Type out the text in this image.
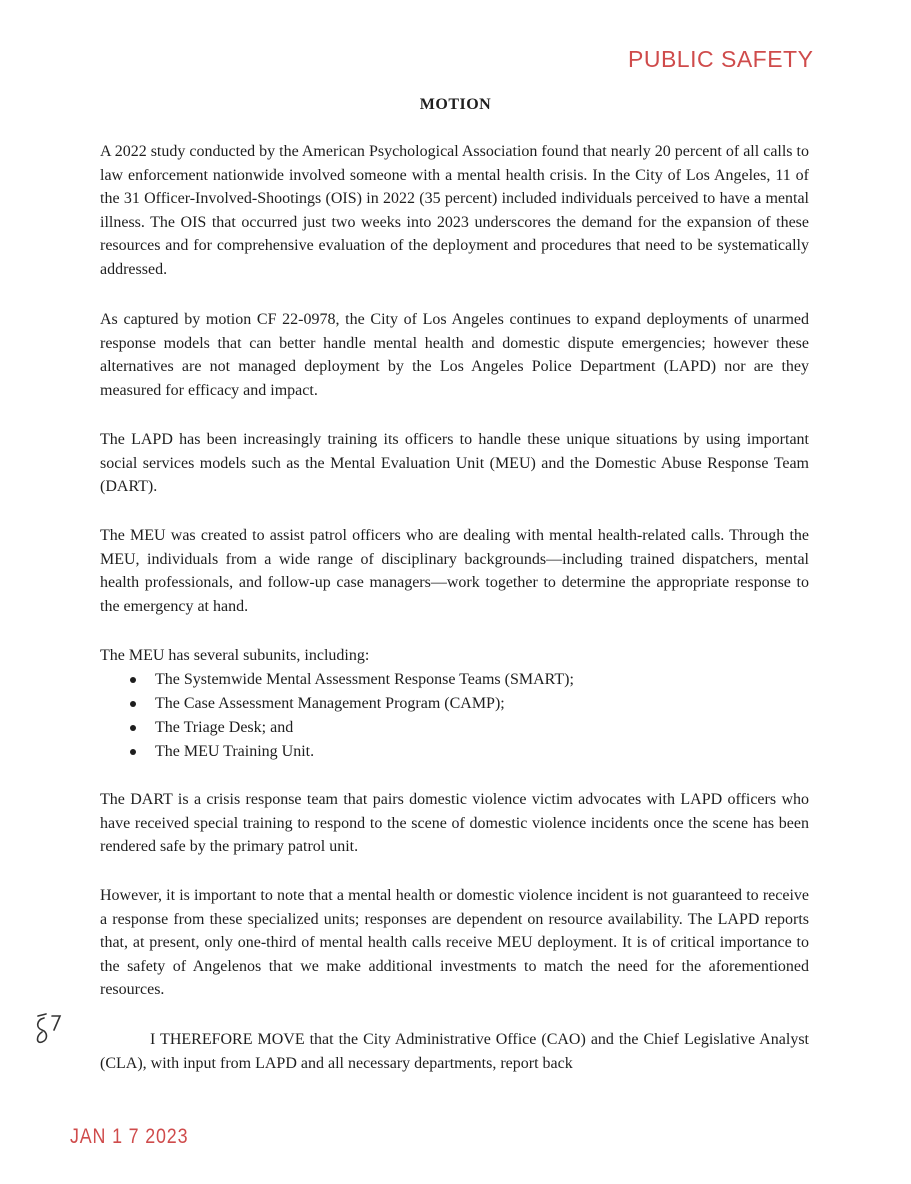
PUBLIC SAFETY
MOTION

A 2022 study conducted by the American Psychological Association found that nearly 20 percent of all calls to law enforcement nationwide involved someone with a mental health crisis. In the City of Los Angeles, 11 of the 31 Officer-Involved-Shootings (OIS) in 2022 (35 percent) included individuals perceived to have a mental illness. The OIS that occurred just two weeks into 2023 underscores the demand for the expansion of these resources and for comprehensive evaluation of the deployment and procedures that need to be systematically addressed.

As captured by motion CF 22-0978, the City of Los Angeles continues to expand deployments of unarmed response models that can better handle mental health and domestic dispute emergencies; however these alternatives are not managed deployment by the Los Angeles Police Department (LAPD) nor are they measured for efficacy and impact.

The LAPD has been increasingly training its officers to handle these unique situations by using important social services models such as the Mental Evaluation Unit (MEU) and the Domestic Abuse Response Team (DART).

The MEU was created to assist patrol officers who are dealing with mental health-related calls. Through the MEU, individuals from a wide range of disciplinary backgrounds—including trained dispatchers, mental health professionals, and follow-up case managers—work together to determine the appropriate response to the emergency at hand.

The MEU has several subunits, including:

The Systemwide Mental Assessment Response Teams (SMART);
The Case Assessment Management Program (CAMP);
The Triage Desk; and
The MEU Training Unit.

The DART is a crisis response team that pairs domestic violence victim advocates with LAPD officers who have received special training to respond to the scene of domestic violence incidents once the scene has been rendered safe by the primary patrol unit.

However, it is important to note that a mental health or domestic violence incident is not guaranteed to receive a response from these specialized units; responses are dependent on resource availability. The LAPD reports that, at present, only one-third of mental health calls receive MEU deployment. It is of critical importance to the safety of Angelenos that we make additional investments to match the need for the aforementioned resources.

I THEREFORE MOVE that the City Administrative Office (CAO) and the Chief Legislative Analyst (CLA), with input from LAPD and all necessary departments, report back

JAN 1 7 2023
